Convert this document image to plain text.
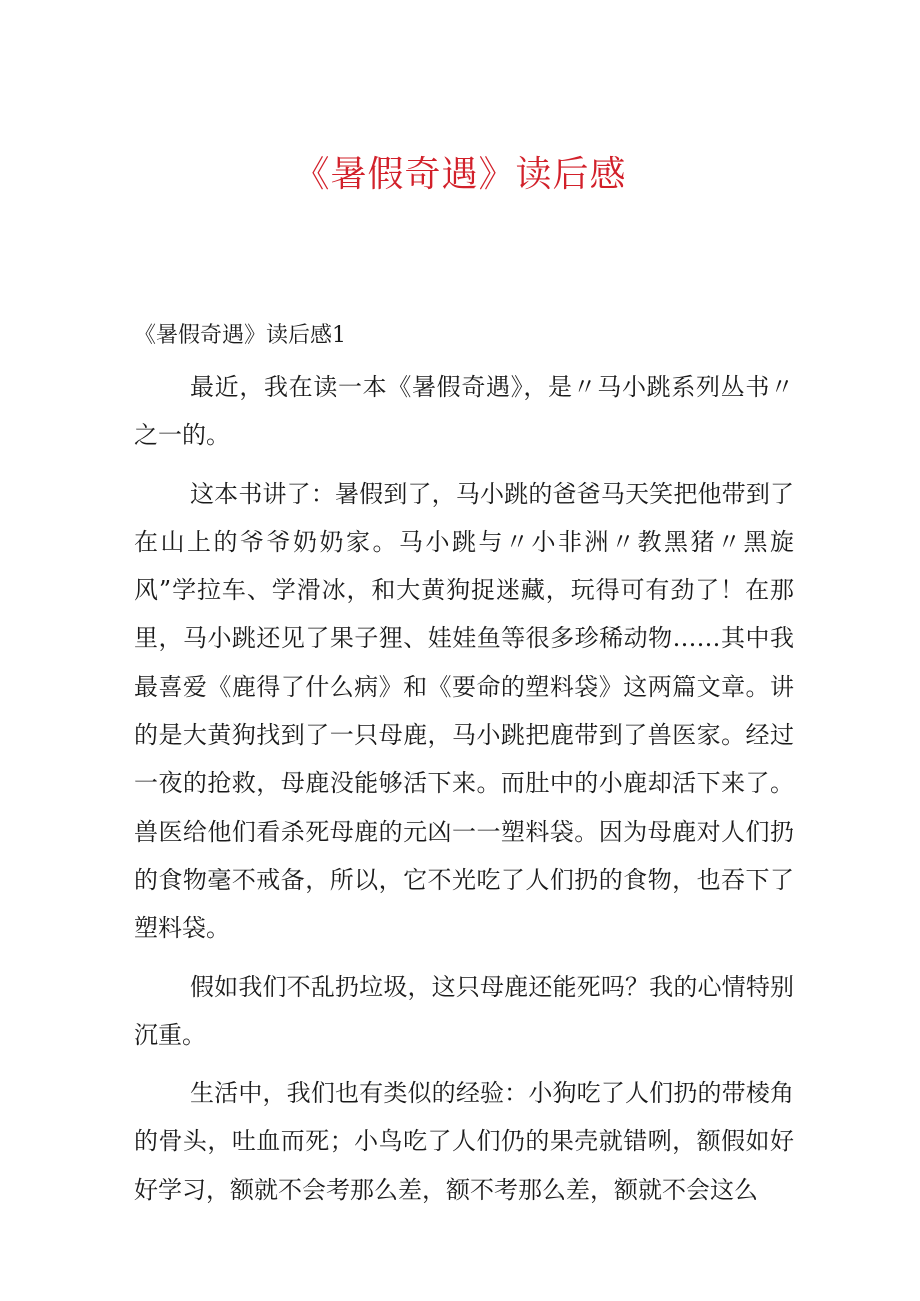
《暑假奇遇》读后感
《暑假奇遇》读后感1

最近，我在读一本《暑假奇遇》，是〃马小跳系列丛书〃之一的。

这本书讲了：暑假到了，马小跳的爸爸马天笑把他带到了在山上的爷爷奶奶家。马小跳与〃小非洲〃教黑猪〃黑旋风”学拉车、学滑冰，和大黄狗捉迷藏，玩得可有劲了！在那里，马小跳还见了果子狸、娃娃鱼等很多珍稀动物……其中我最喜爱《鹿得了什么病》和《要命的塑料袋》这两篇文章。讲的是大黄狗找到了一只母鹿，马小跳把鹿带到了兽医家。经过一夜的抢救，母鹿没能够活下来。而肚中的小鹿却活下来了。兽医给他们看杀死母鹿的元凶一一塑料袋。因为母鹿对人们扔的食物毫不戒备，所以，它不光吃了人们扔的食物，也吞下了塑料袋。

假如我们不乱扔垃圾，这只母鹿还能死吗？我的心情特别沉重。

生活中，我们也有类似的经验：小狗吃了人们扔的带棱角的骨头，吐血而死；小鸟吃了人们仍的果壳就错咧，额假如好好学习，额就不会考那么差，额不考那么差，额就不会这么
